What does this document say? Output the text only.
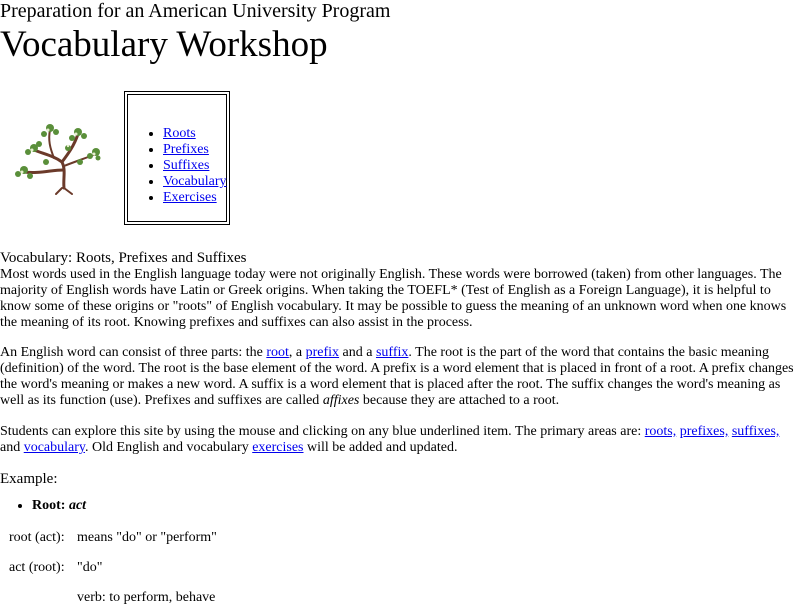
Preparation for an American University Program
Vocabulary Workshop
• Roots
• Prefixes
• Suffixes
• Vocabulary
• Exercises

Vocabulary: Roots, Prefixes and Suffixes

Most words used in the English language today were not originally English. These words were borrowed (taken) from other languages. The majority of English words have Latin or Greek origins. When taking the TOEFL* (Test of English as a Foreign Language), it is helpful to know some of these origins or "roots" of English vocabulary. It may be possible to guess the meaning of an unknown word when one knows the meaning of its root. Knowing prefixes and suffixes can also assist in the process.

An English word can consist of three parts: the root, a prefix and a suffix. The root is the part of the word that contains the basic meaning (definition) of the word. The root is the base element of the word. A prefix is a word element that is placed in front of a root. A prefix changes the word's meaning or makes a new word. A suffix is a word element that is placed after the root. The suffix changes the word's meaning as well as its function (use). Prefixes and suffixes are called affixes because they are attached to a root.

Students can explore this site by using the mouse and clicking on any blue underlined item. The primary areas are: roots, prefixes, suffixes, and vocabulary. Old English and vocabulary exercises will be added and updated.

Example:

• Root: act
root (act): means "do" or "perform"
act (root): "do"
verb: to perform, behave
